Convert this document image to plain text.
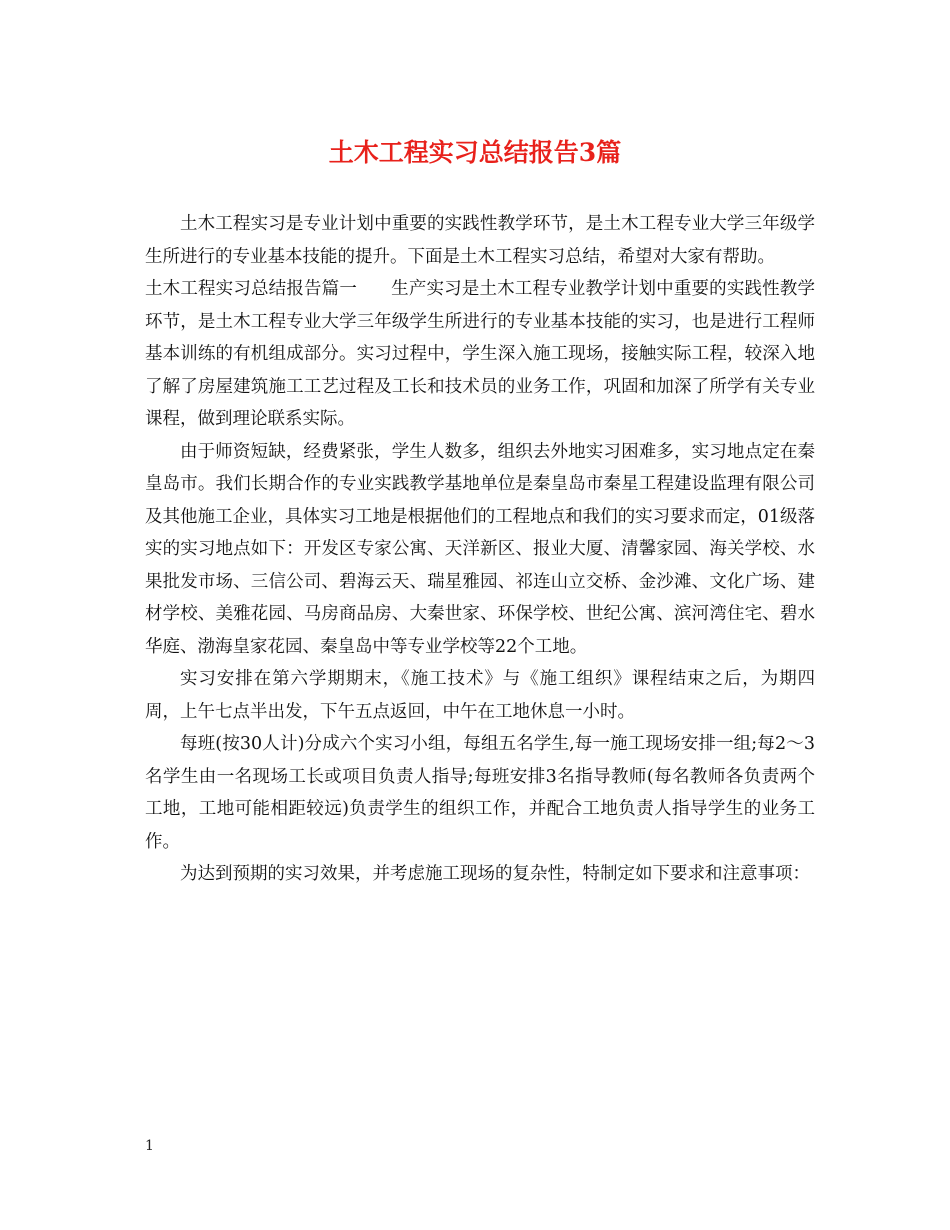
土木工程实习总结报告3篇

土木工程实习是专业计划中重要的实践性教学环节，是土木工程专业大学三年级学生所进行的专业基本技能的提升。下面是土木工程实习总结，希望对大家有帮助。

土木工程实习总结报告篇一 生产实习是土木工程专业教学计划中重要的实践性教学环节，是土木工程专业大学三年级学生所进行的专业基本技能的实习，也是进行工程师基本训练的有机组成部分。实习过程中，学生深入施工现场，接触实际工程，较深入地了解了房屋建筑施工工艺过程及工长和技术员的业务工作，巩固和加深了所学有关专业课程，做到理论联系实际。

由于师资短缺，经费紧张，学生人数多，组织去外地实习困难多，实习地点定在秦皇岛市。我们长期合作的专业实践教学基地单位是秦皇岛市秦星工程建设监理有限公司及其他施工企业，具体实习工地是根据他们的工程地点和我们的实习要求而定，01级落实的实习地点如下：开发区专家公寓、天洋新区、报业大厦、清馨家园、海关学校、水果批发市场、三信公司、碧海云天、瑞星雅园、祁连山立交桥、金沙滩、文化广场、建材学校、美雅花园、马房商品房、大秦世家、环保学校、世纪公寓、滨河湾住宅、碧水华庭、渤海皇家花园、秦皇岛中等专业学校等22个工地。

实习安排在第六学期期末，《施工技术》与《施工组织》课程结束之后，为期四周，上午七点半出发，下午五点返回，中午在工地休息一小时。

每班(按30人计)分成六个实习小组，每组五名学生,每一施工现场安排一组;每2～3名学生由一名现场工长或项目负责人指导;每班安排3名指导教师(每名教师各负责两个工地，工地可能相距较远)负责学生的组织工作，并配合工地负责人指导学生的业务工作。

为达到预期的实习效果，并考虑施工现场的复杂性，特制定如下要求和注意事项：

1
